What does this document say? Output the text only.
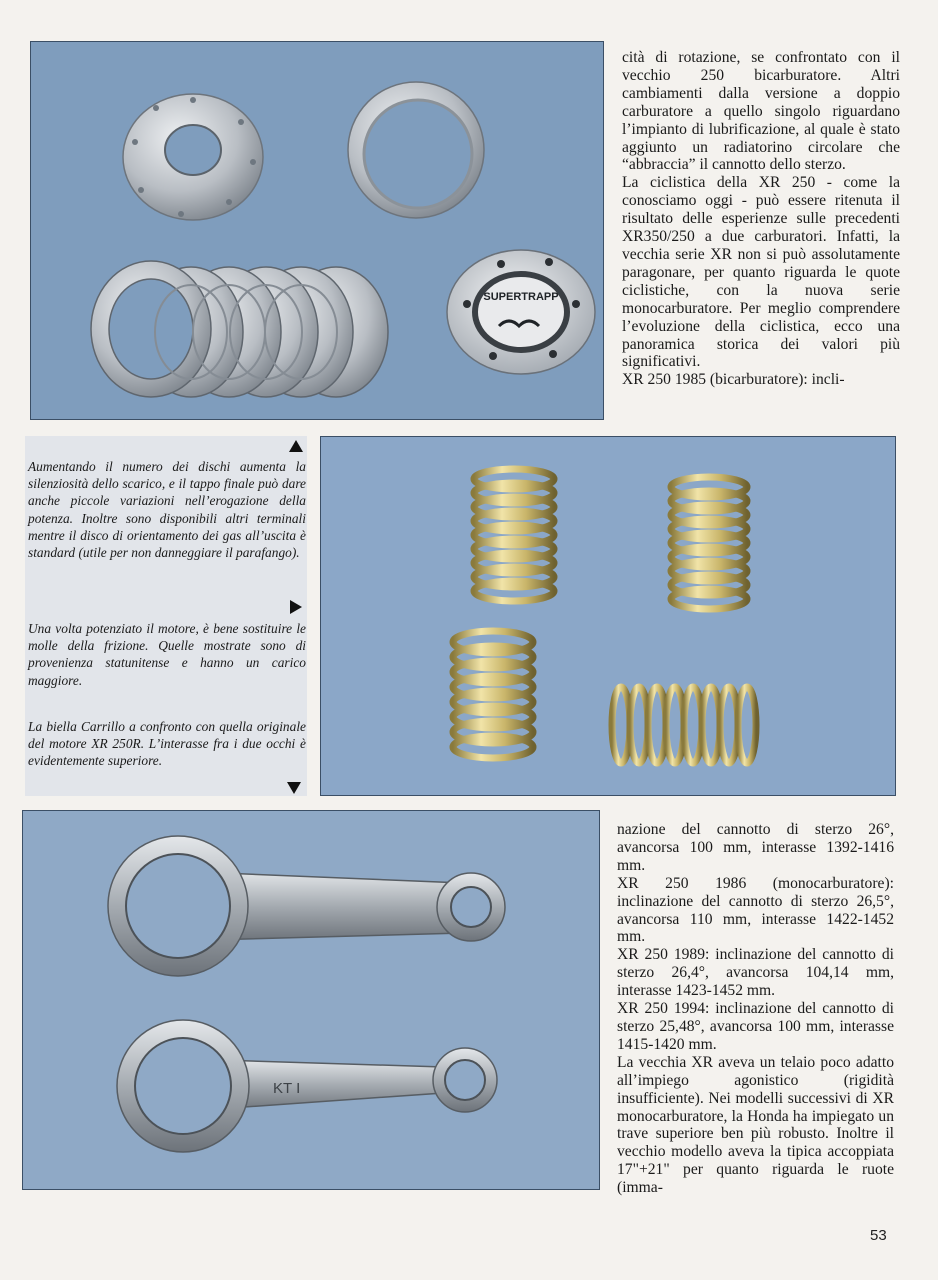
SUPERTRAPP

cità di rotazione, se confrontato con il vecchio 250 bicarburatore. Altri cambiamenti dalla versione a doppio carburatore a quello singolo riguardano l’impianto di lubrificazione, al quale è stato aggiunto un radiatorino circolare che “abbraccia” il cannotto dello sterzo.

La ciclistica della XR 250 - come la conosciamo oggi - può essere ritenuta il risultato delle esperienze sulle precedenti XR350/250 a due carburatori. Infatti, la vecchia serie XR non si può assolutamente paragonare, per quanto riguarda le quote ciclistiche, con la nuova serie monocarburatore. Per meglio comprendere l’evoluzione della ciclistica, ecco una panoramica storica dei valori più significativi.

XR 250 1985 (bicarburatore): incli-

Aumentando il numero dei dischi aumenta la silenziosità dello scarico, e il tappo finale può dare anche piccole variazioni nell’erogazione della potenza. Inoltre sono disponibili altri terminali mentre il disco di orientamento dei gas all’uscita è standard (utile per non danneggiare il parafango).

Una volta potenziato il motore, è bene sostituire le molle della frizione. Quelle mostrate sono di provenienza statunitense e hanno un carico maggiore.

La biella Carrillo a confronto con quella originale del motore XR 250R. L’interasse fra i due occhi è evidentemente superiore.

KT I

nazione del cannotto di sterzo 26°, avancorsa 100 mm, interasse 1392-1416 mm.

XR 250 1986 (monocarburatore): inclinazione del cannotto di sterzo 26,5°, avancorsa 110 mm, interasse 1422-1452 mm.

XR 250 1989: inclinazione del cannotto di sterzo 26,4°, avancorsa 104,14 mm, interasse 1423-1452 mm.

XR 250 1994: inclinazione del cannotto di sterzo 25,48°, avancorsa 100 mm, interasse 1415-1420 mm.

La vecchia XR aveva un telaio poco adatto all’impiego agonistico (rigidità insufficiente). Nei modelli successivi di XR monocarburatore, la Honda ha impiegato un trave superiore ben più robusto. Inoltre il vecchio modello aveva la tipica accoppiata 17"+21" per quanto riguarda le ruote (imma-

53
